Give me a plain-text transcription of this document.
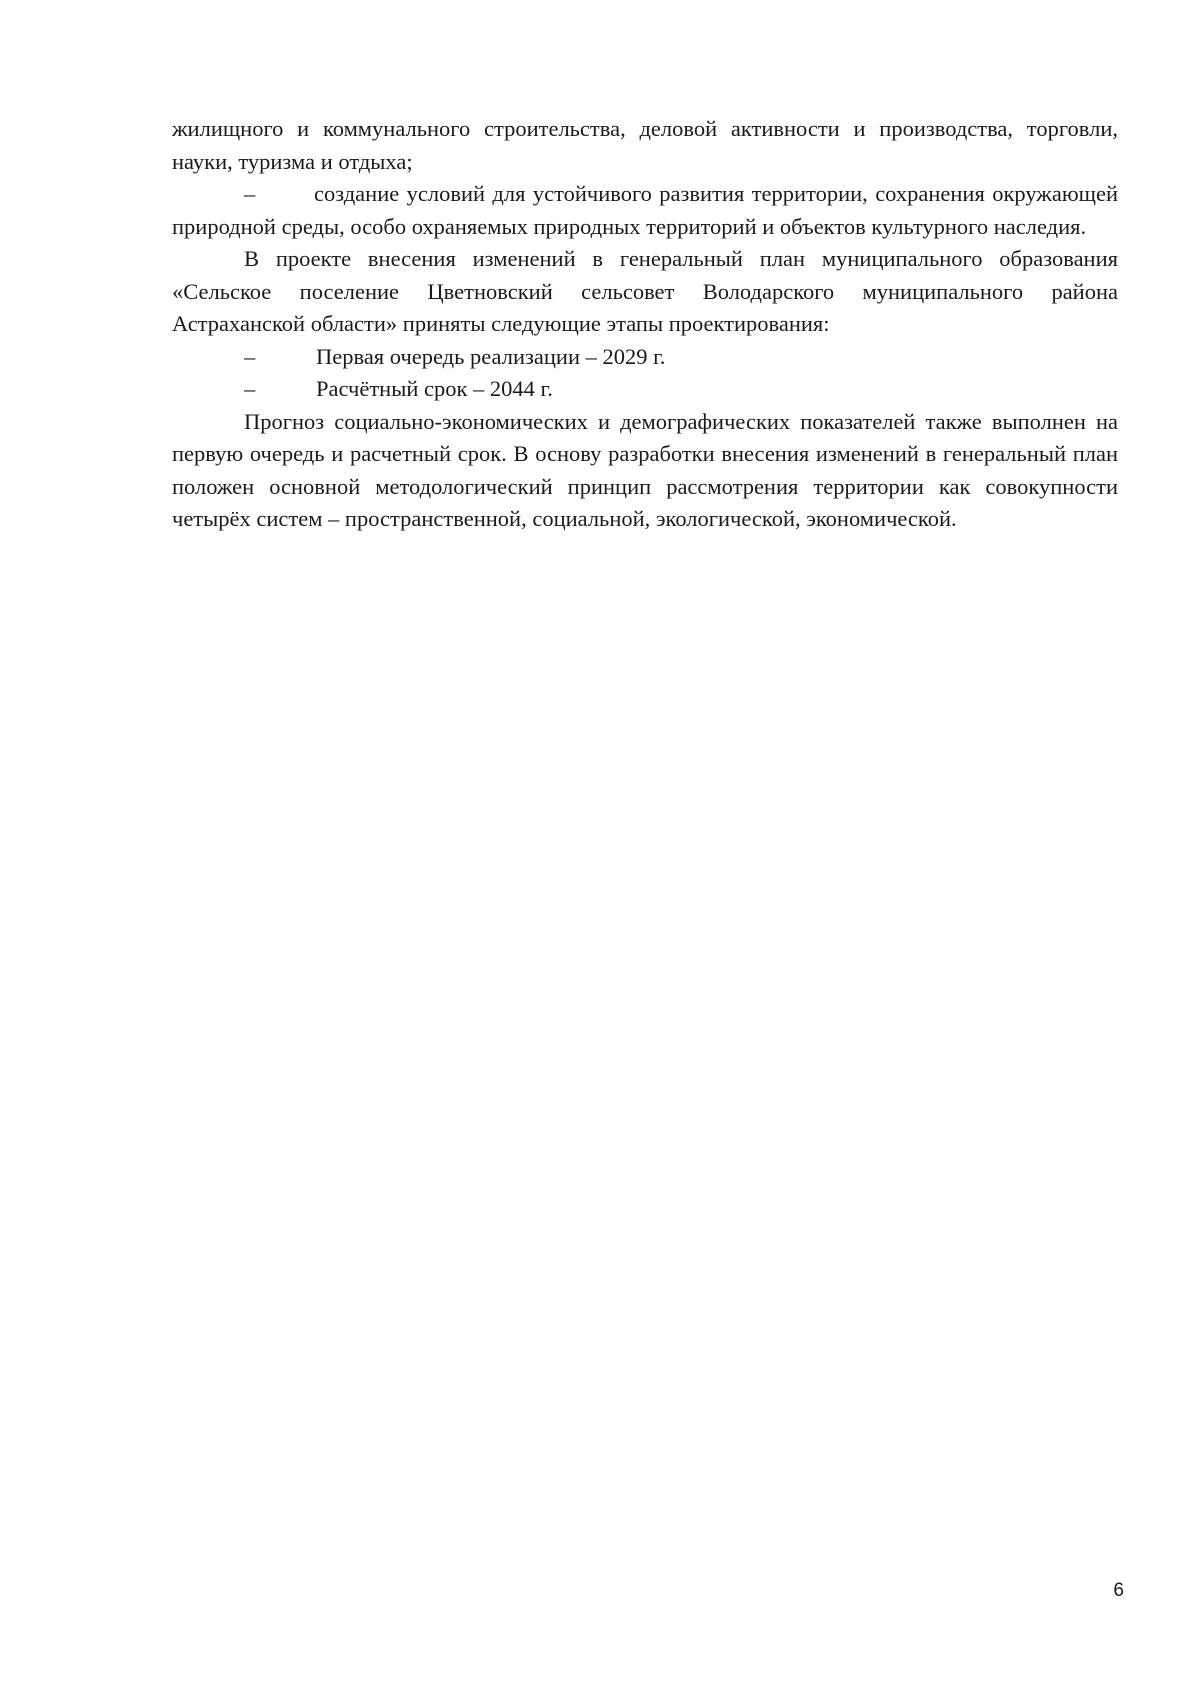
жилищного и коммунального строительства, деловой активности и производства, торговли, науки, туризма и отдыха;

–	создание условий для устойчивого развития территории, сохранения окружающей природной среды, особо охраняемых природных территорий и объектов культурного наследия.

В проекте внесения изменений в генеральный план муниципального образования «Сельское поселение Цветновский сельсовет Володарского муниципального района Астраханской области» приняты следующие этапы проектирования:

–	Первая очередь реализации – 2029 г.
–	Расчётный срок – 2044 г.

Прогноз социально-экономических и демографических показателей также выполнен на первую очередь и расчетный срок. В основу разработки внесения изменений в генеральный план положен основной методологический принцип рассмотрения территории как совокупности четырёх систем – пространственной, социальной, экологической, экономической.

6
